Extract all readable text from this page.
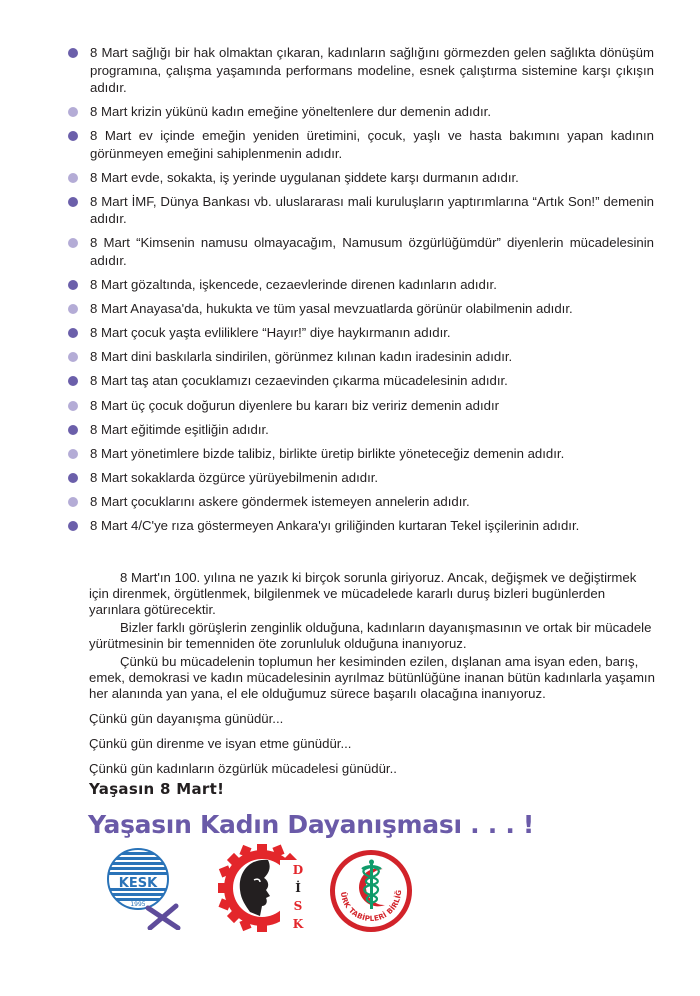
8 Mart sağlığı bir hak olmaktan çıkaran, kadınların sağlığını görmezden gelen sağlıkta dönüşüm programına, çalışma yaşamında performans modeline, esnek çalıştırma sistemine karşı çıkışın adıdır.
8 Mart krizin yükünü kadın emeğine yöneltenlere dur demenin adıdır.
8 Mart ev içinde emeğin yeniden üretimini, çocuk, yaşlı ve hasta bakımını yapan kadının görünmeyen emeğini sahiplenmenin adıdır.
8 Mart evde, sokakta, iş yerinde uygulanan şiddete karşı durmanın adıdır.
8 Mart İMF, Dünya Bankası vb. uluslararası mali kuruluşların yaptırımlarına “Artık Son!” demenin adıdır.
8 Mart “Kimsenin namusu olmayacağım, Namusum özgürlüğümdür” diyenlerin mücadelesinin adıdır.
8 Mart gözaltında, işkencede, cezaevlerinde direnen kadınların adıdır.
8 Mart Anayasa'da, hukukta ve tüm yasal mevzuatlarda görünür olabilmenin adıdır.
8 Mart çocuk yaşta evliliklere “Hayır!” diye haykırmanın adıdır.
8 Mart dini baskılarla sindirilen, görünmez kılınan kadın iradesinin adıdır.
8 Mart taş atan çocuklamızı cezaevinden çıkarma mücadelesinin adıdır.
8 Mart üç çocuk doğurun diyenlere bu kararı biz veririz demenin adıdır
8 Mart eğitimde eşitliğin adıdır.
8 Mart yönetimlere bizde talibiz, birlikte üretip birlikte yöneteceğiz demenin adıdır.
8 Mart sokaklarda özgürce yürüyebilmenin adıdır.
8 Mart çocuklarını askere göndermek istemeyen annelerin adıdır.
8 Mart 4/C'ye rıza göstermeyen Ankara'yı griliğinden kurtaran Tekel işçilerinin adıdır.

8 Mart'ın 100. yılına ne yazık ki birçok sorunla giriyoruz. Ancak, değişmek ve değiştirmek için direnmek, örgütlenmek, bilgilenmek ve mücadelede kararlı duruş bizleri bugünlerden yarınlara götürecektir.

Bizler farklı görüşlerin zenginlik olduğuna, kadınların dayanışmasının ve ortak bir mücadele yürütmesinin bir temenniden öte zorunluluk olduğuna inanıyoruz.

Çünkü bu mücadelenin toplumun her kesiminden ezilen, dışlanan ama isyan eden, barış, emek, demokrasi ve kadın mücadelesinin ayrılmaz bütünlüğüne inanan bütün kadınlarla yaşamın her alanında yan yana, el ele olduğumuz sürece başarılı olacağına inanıyoruz.

Çünkü gün dayanışma günüdür...

Çünkü gün direnme ve isyan etme günüdür...

Çünkü gün kadınların özgürlük mücadelesi günüdür..

Yaşasın 8 Mart!
Yaşasın Kadın Dayanışması . . . !
KESK
1995
D
İ
S
K
ÜRK TABİPLERİ BİRLİĞ
